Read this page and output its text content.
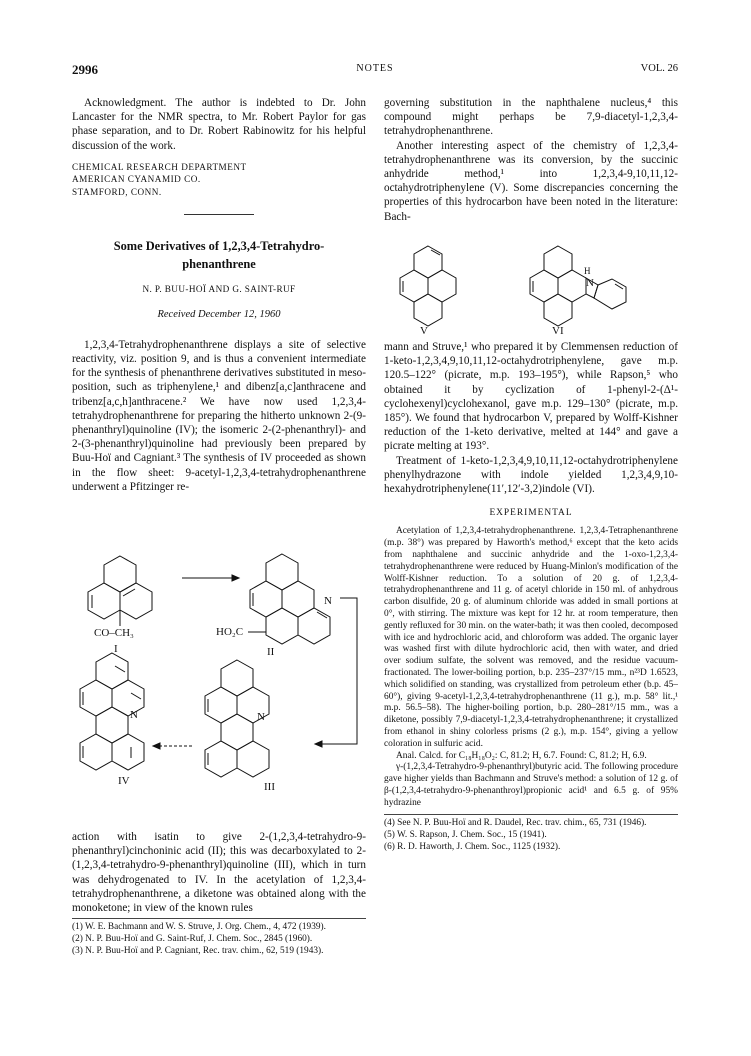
2996	NOTES	VOL. 26

Acknowledgment. The author is indebted to Dr. John Lancaster for the NMR spectra, to Mr. Robert Paylor for gas phase separation, and to Dr. Robert Rabinowitz for his helpful discussion of the work.

CHEMICAL RESEARCH DEPARTMENT
AMERICAN CYANAMID CO.
STAMFORD, CONN.
Some Derivatives of 1,2,3,4-Tetrahydro-phenanthrene
N. P. BUU-HOÏ AND G. SAINT-RUF
Received December 12, 1960

1,2,3,4-Tetrahydrophenanthrene displays a site of selective reactivity, viz. position 9, and is thus a convenient intermediate for the synthesis of phenanthrene derivatives substituted in meso-position, such as triphenylene,¹ and dibenz[a,c]anthracene and tribenz[a,c,h]anthracene.² We have now used 1,2,3,4-tetrahydrophenanthrene for preparing the hitherto unknown 2-(9-phenanthryl)quinoline (IV); the isomeric 2-(2-phenanthryl)- and 2-(3-phenanthryl)quinoline had previously been prepared by Buu-Hoï and Cagniant.³ The synthesis of IV proceeded as shown in the flow sheet: 9-acetyl-1,2,3,4-tetrahydrophenanthrene underwent a Pfitzinger re-

CO–CH₃
I
HO₂C
II
N
N
III
N
IV

action with isatin to give 2-(1,2,3,4-tetrahydro-9-phenanthryl)cinchoninic acid (II); this was decarboxylated to 2-(1,2,3,4-tetrahydro-9-phenanthryl)quinoline (III), which in turn was dehydrogenated to IV. In the acetylation of 1,2,3,4-tetrahydrophenanthrene, a diketone was obtained along with the monoketone; in view of the known rules

(1) W. E. Bachmann and W. S. Struve, J. Org. Chem., 4, 472 (1939).
(2) N. P. Buu-Hoï and G. Saint-Ruf, J. Chem. Soc., 2845 (1960).
(3) N. P. Buu-Hoï and P. Cagniant, Rec. trav. chim., 62, 519 (1943).

governing substitution in the naphthalene nucleus,⁴ this compound might perhaps be 7,9-diacetyl-1,2,3,4-tetrahydrophenanthrene.

Another interesting aspect of the chemistry of 1,2,3,4-tetrahydrophenanthrene was its conversion, by the succinic anhydride method,¹ into 1,2,3,4-9,10,11,12-octahydrotriphenylene (V). Some discrepancies concerning the properties of this hydrocarbon have been noted in the literature: Bach-

V
H
N
VI

mann and Struve,¹ who prepared it by Clemmensen reduction of 1-keto-1,2,3,4,9,10,11,12-octahydrotriphenylene, gave m.p. 120.5–122° (picrate, m.p. 193–195°), while Rapson,⁵ who obtained it by cyclization of 1-phenyl-2-(Δ¹-cyclohexenyl)cyclohexanol, gave m.p. 129–130° (picrate, m.p. 185°). We found that hydrocarbon V, prepared by Wolff-Kishner reduction of the 1-keto derivative, melted at 144° and gave a picrate melting at 193°.

Treatment of 1-keto-1,2,3,4,9,10,11,12-octahydrotriphenylene phenylhydrazone with indole yielded 1,2,3,4,9,10-hexahydrotriphenylene(11′,12′-3,2)indole (VI).

EXPERIMENTAL

Acetylation of 1,2,3,4-tetrahydrophenanthrene. 1,2,3,4-Tetraphenanthrene (m.p. 38°) was prepared by Haworth's method,⁶ except that the keto acids from naphthalene and succinic anhydride and the 1-oxo-1,2,3,4-tetrahydrophenanthrene were reduced by Huang-Minlon's modification of the Wolff-Kishner reduction. To a solution of 20 g. of 1,2,3,4-tetrahydrophenanthrene and 11 g. of acetyl chloride in 150 ml. of anhydrous carbon disulfide, 20 g. of aluminum chloride was added in small portions at 0°, with stirring. The mixture was kept for 12 hr. at room temperature, then gently refluxed for 30 min. on the water-bath; it was then cooled, decomposed with ice and hydrochloric acid, and chloroform was added. The organic layer was washed first with dilute hydrochloric acid, then with water, and dried over sodium sulfate, the solvent was removed, and the residue vacuum-fractionated. The lower-boiling portion, b.p. 235–237°/15 mm., n²³D 1.6523, which solidified on standing, was crystallized from petroleum ether (b.p. 45–60°), giving 9-acetyl-1,2,3,4-tetrahydrophenanthrene (11 g.), m.p. 58° lit.,¹ m.p. 56.5–58). The higher-boiling portion, b.p. 280–281°/15 mm., was a diketone, possibly 7,9-diacetyl-1,2,3,4-tetrahydrophenanthrene; it crystallized from ethanol in shiny colorless prisms (2 g.), m.p. 154°, giving a yellow coloration in sulfuric acid.

Anal. Calcd. for C₁₈H₁₈O₂: C, 81.2; H, 6.7. Found: C, 81.2; H, 6.9.

γ-(1,2,3,4-Tetrahydro-9-phenanthryl)butyric acid. The following procedure gave higher yields than Bachmann and Struve's method: a solution of 12 g. of β-(1,2,3,4-tetrahydro-9-phenanthroyl)propionic acid¹ and 6.5 g. of 95% hydrazine

(4) See N. P. Buu-Hoï and R. Daudel, Rec. trav. chim., 65, 731 (1946).
(5) W. S. Rapson, J. Chem. Soc., 15 (1941).
(6) R. D. Haworth, J. Chem. Soc., 1125 (1932).
